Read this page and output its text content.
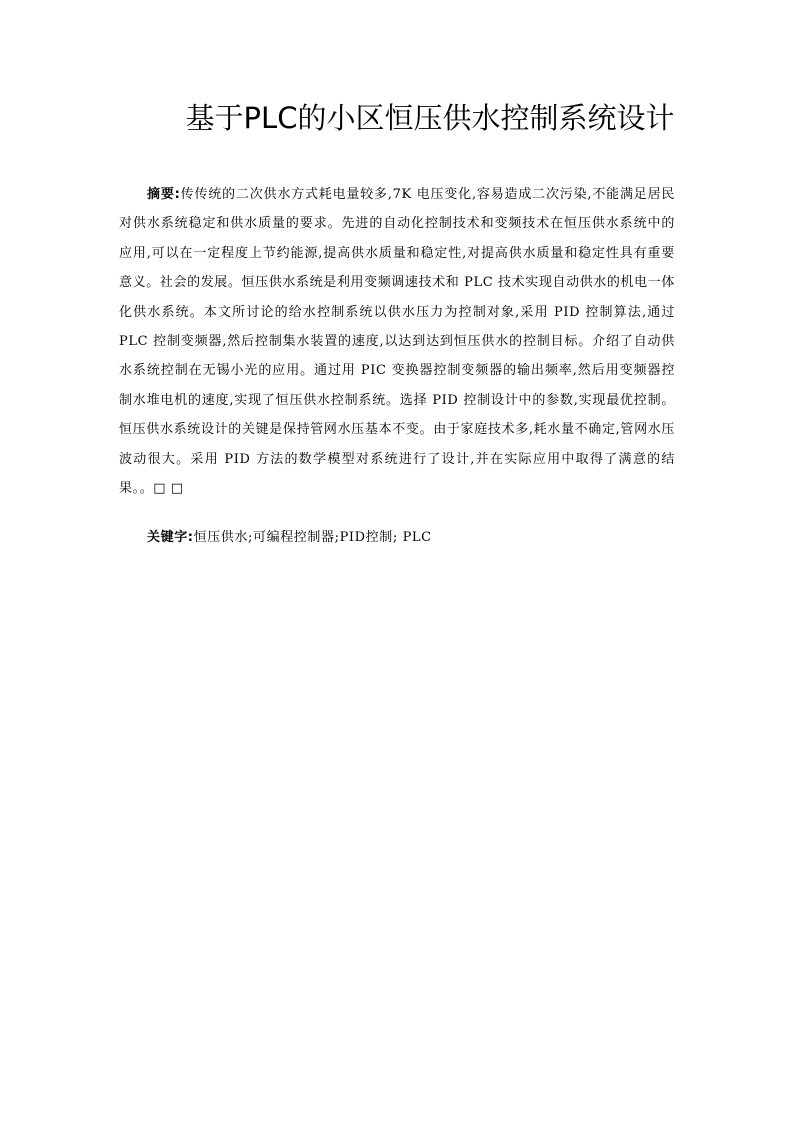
基于PLC的小区恒压供水控制系统设计

摘要:传传统的二次供水方式耗电量较多,7K 电压变化,容易造成二次污染,不能满足居民对供水系统稳定和供水质量的要求。先进的自动化控制技术和变频技术在恒压供水系统中的应用,可以在一定程度上节约能源,提高供水质量和稳定性,对提高供水质量和稳定性具有重要意义。社会的发展。恒压供水系统是利用变频调速技术和 PLC 技术实现自动供水的机电一体化供水系统。本文所讨论的给水控制系统以供水压力为控制对象,采用 PID 控制算法,通过 PLC 控制变频器,然后控制集水装置的速度,以达到达到恒压供水的控制目标。介绍了自动供水系统控制在无锡小光的应用。通过用 PIC 变换器控制变频器的输出频率,然后用变频器控制水堆电机的速度,实现了恒压供水控制系统。选择 PID 控制设计中的参数,实现最优控制。恒压供水系统设计的关键是保持管网水压基本不变。由于家庭技术多,耗水量不确定,管网水压波动很大。采用 PID 方法的数学模型对系统进行了设计,并在实际应用中取得了满意的结果。。□ □

关键字:恒压供水;可编程控制器;PID控制; PLC
